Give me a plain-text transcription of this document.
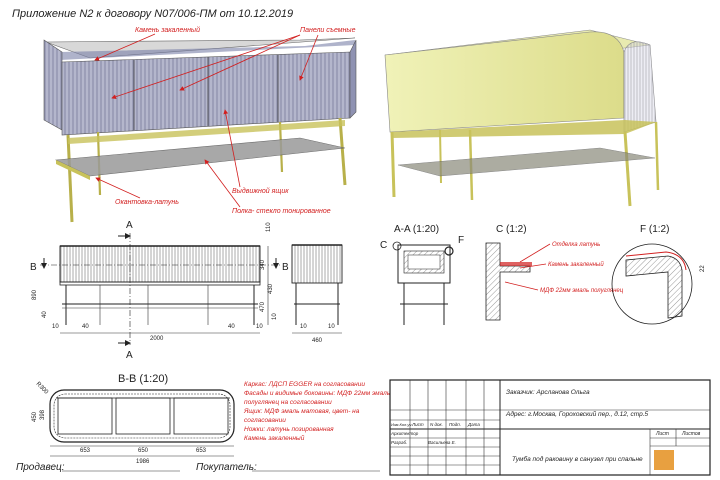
Приложение N2 к договору N07/006-ПМ от 10.12.2019
Камень закаленный	Панели съемные
Окантовка-латунь
Выдвижной ящик
Полка- стекло тонированное
A
A
B	B
2000
110
340
430
470
890
40	10
40
10	40	10
460
10	10
A-A (1:20)
C	F
C (1:2)
Отделка латунь
Камень закаленный
МДФ 22мм эмаль полуглянец
F (1:2)
22
B-B (1:20)
R300
653	650	653
1986
450 398
Каркас: ЛДСП EGGER на согласовании
Фасады и видимые боковины: МДФ 22мм эмаль
полуглянец на согласовании
Ящик: МДФ эмаль матовая, цвет- на
согласовании
Ножки: латунь позированная
Камень закаленный
Заказчик: Арсланова Ольга
Адрес: г.Москва, Гороховский пер., д.12, стр.5
Тумба под раковину в санузел при спальне
Лист	Листов
Изм.Кол.уч Лист N док. Подп. Дата
Архитектор
Разраб.	Васильева Е.
Продавец:	Покупатель:
